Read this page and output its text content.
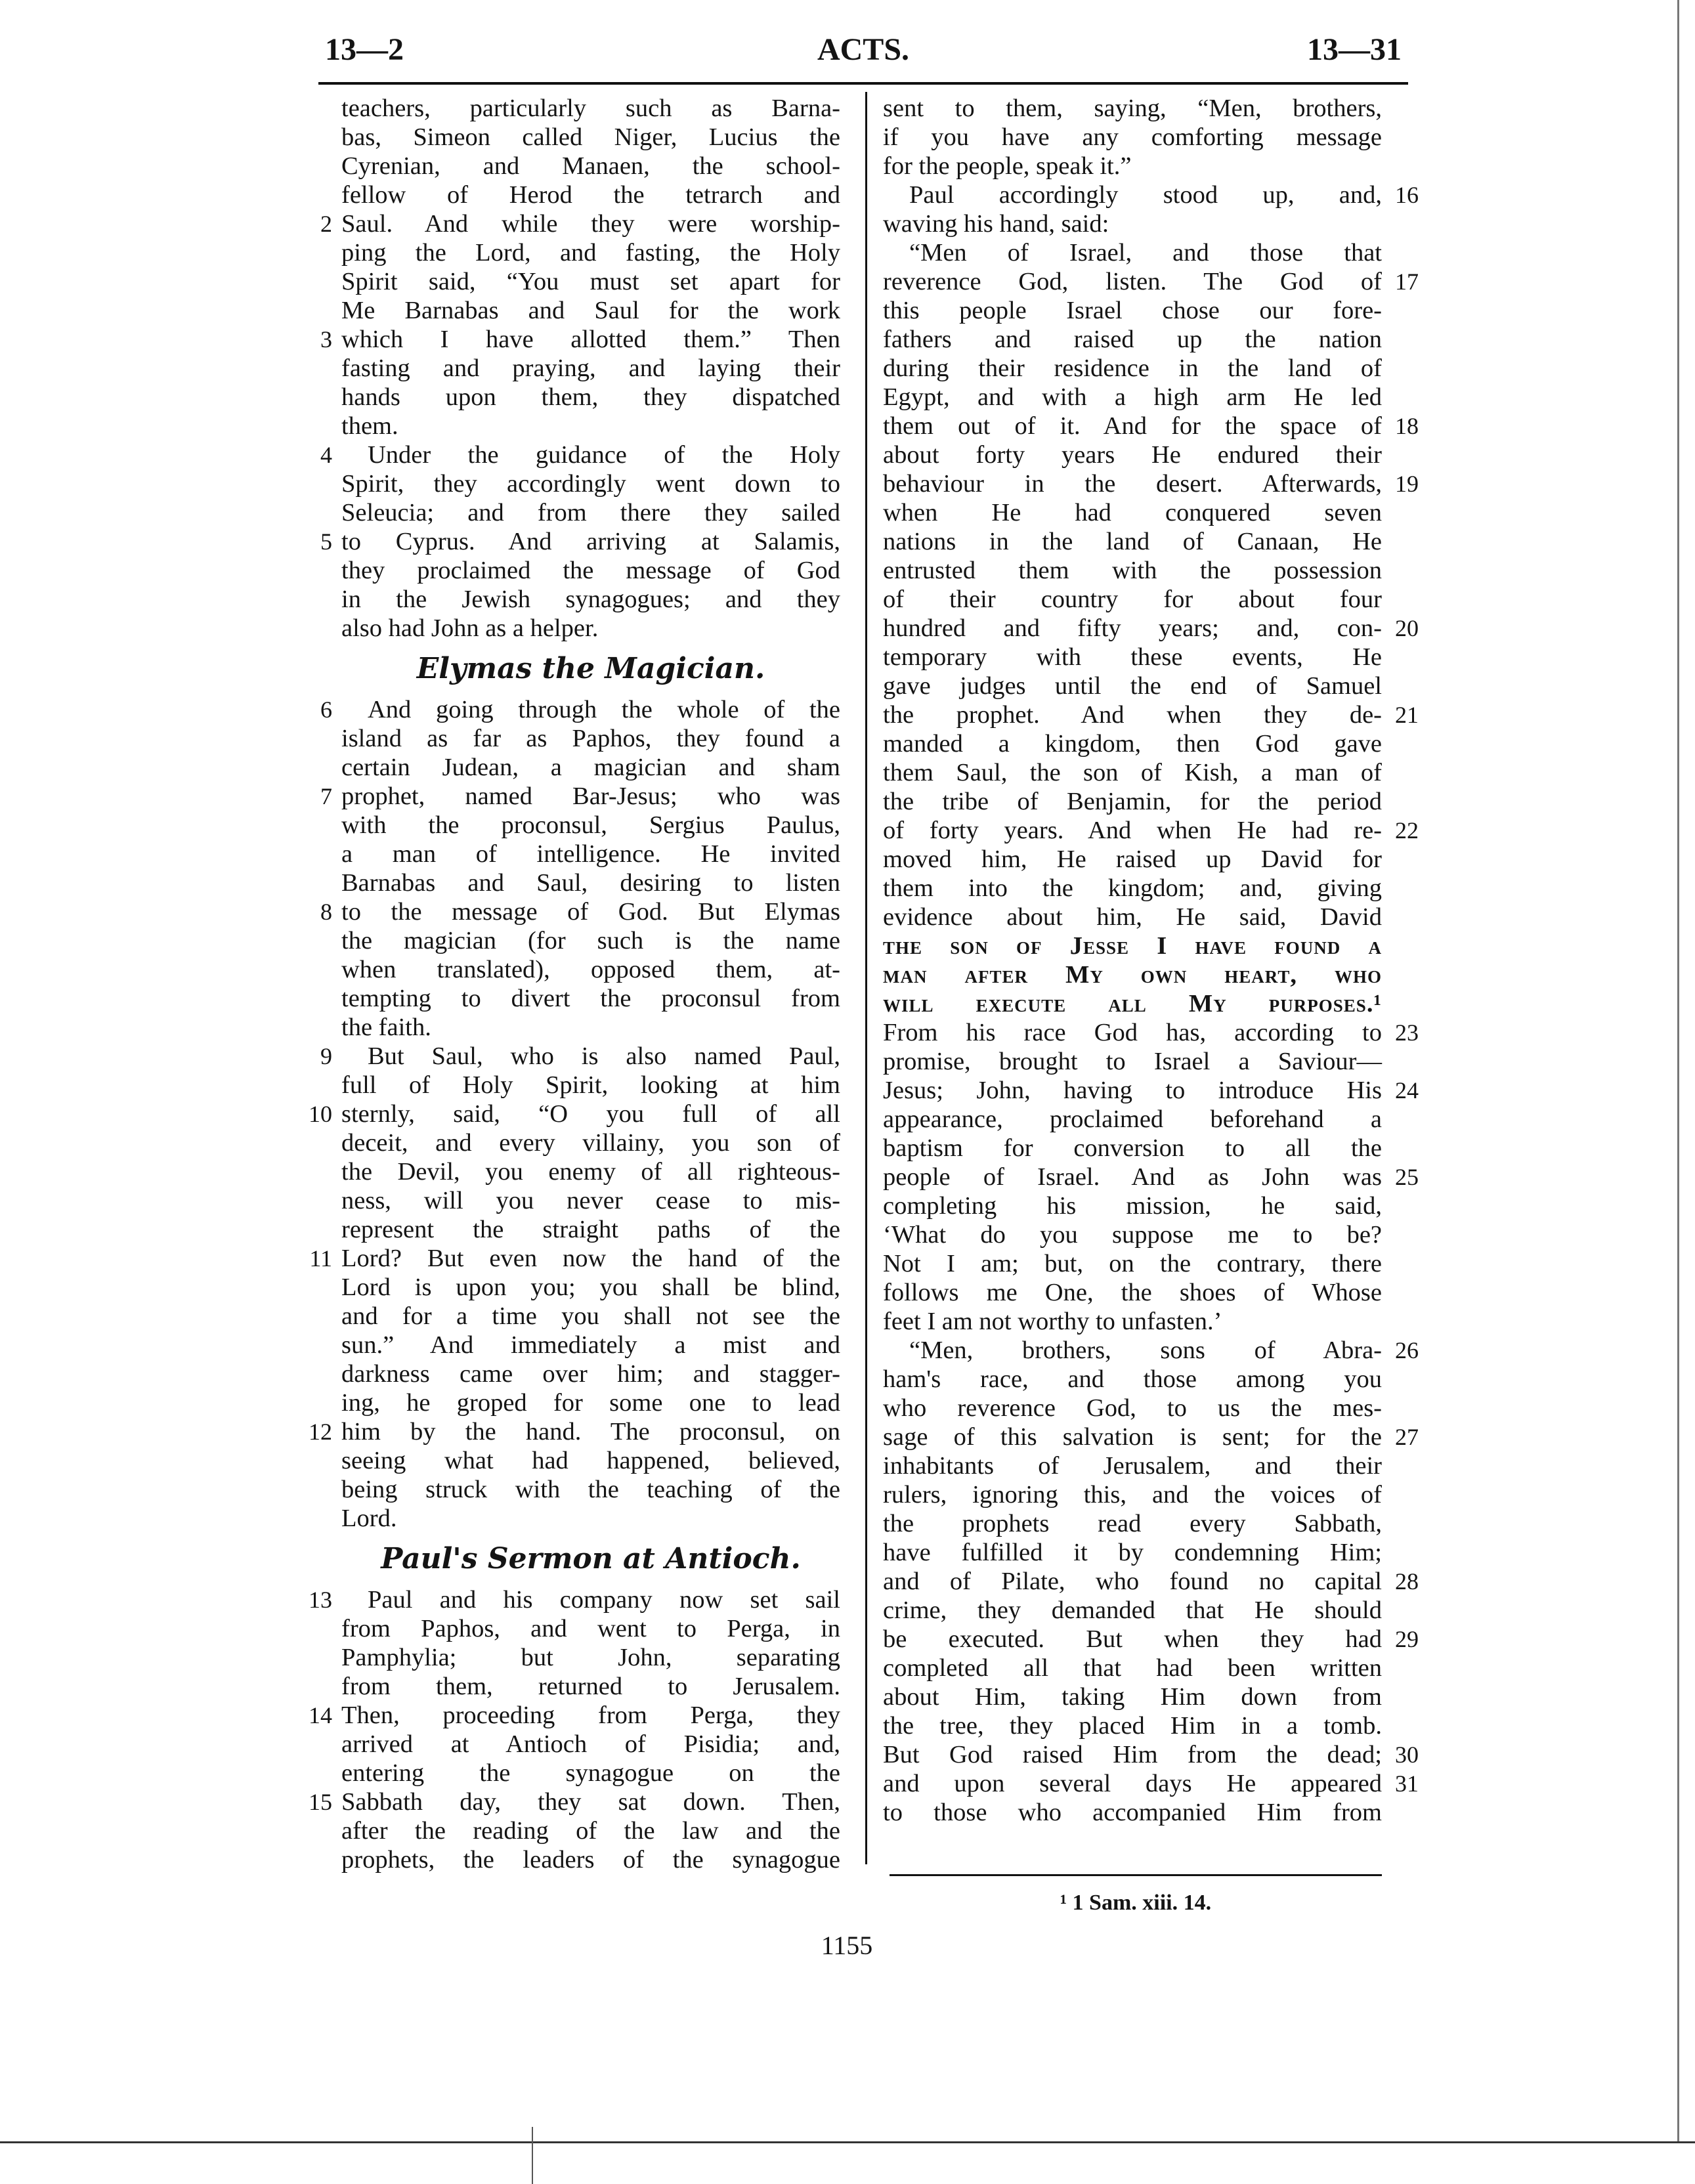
13—2	ACTS.	13—31
teachers, particularly such as Barna-
bas, Simeon called Niger, Lucius the
Cyrenian, and Manaen, the school-
fellow of Herod the tetrarch and
Saul. And while they were worship-
2
ping the Lord, and fasting, the Holy
Spirit said, “You must set apart for
Me Barnabas and Saul for the work
which I have allotted them.” Then
3
fasting and praying, and laying their
hands upon them, they dispatched
them.
Under the guidance of the Holy
4
Spirit, they accordingly went down to
Seleucia; and from there they sailed
to Cyprus. And arriving at Salamis,
5
they proclaimed the message of God
in the Jewish synagogues; and they
also had John as a helper.
Elymas the Magician.
And going through the whole of the
6
island as far as Paphos, they found a
certain Judean, a magician and sham
prophet, named Bar-Jesus; who was
7
with the proconsul, Sergius Paulus,
a man of intelligence. He invited
Barnabas and Saul, desiring to listen
to the message of God. But Elymas
8
the magician (for such is the name
when translated), opposed them, at-
tempting to divert the proconsul from
the faith.
But Saul, who is also named Paul,
9
full of Holy Spirit, looking at him
sternly, said, “O you full of all
10
deceit, and every villainy, you son of
the Devil, you enemy of all righteous-
ness, will you never cease to mis-
represent the straight paths of the
Lord? But even now the hand of the
11
Lord is upon you; you shall be blind,
and for a time you shall not see the
sun.” And immediately a mist and
darkness came over him; and stagger-
ing, he groped for some one to lead
him by the hand. The proconsul, on
12
seeing what had happened, believed,
being struck with the teaching of the
Lord.
Paul's Sermon at Antioch.
Paul and his company now set sail
13
from Paphos, and went to Perga, in
Pamphylia; but John, separating
from them, returned to Jerusalem.
Then, proceeding from Perga, they
14
arrived at Antioch of Pisidia; and,
entering the synagogue on the
Sabbath day, they sat down. Then,
15
after the reading of the law and the
prophets, the leaders of the synagogue
sent to them, saying, “Men, brothers,
if you have any comforting message
for the people, speak it.”
Paul accordingly stood up, and, 16
waving his hand, said:
“Men of Israel, and those that
reverence God, listen. The God of 17
this people Israel chose our fore-
fathers and raised up the nation
during their residence in the land of
Egypt, and with a high arm He led
them out of it. And for the space of 18
about forty years He endured their
behaviour in the desert. Afterwards, 19
when He had conquered seven
nations in the land of Canaan, He
entrusted them with the possession
of their country for about four
hundred and fifty years; and, con- 20
temporary with these events, He
gave judges until the end of Samuel
the prophet. And when they de- 21
manded a kingdom, then God gave
them Saul, the son of Kish, a man of
the tribe of Benjamin, for the period
of forty years. And when He had re- 22
moved him, He raised up David for
them into the kingdom; and, giving
evidence about him, He said, David
the son of Jesse I have found a
man after My own heart, who
will execute all My purposes.¹
From his race God has, according to 23
promise, brought to Israel a Saviour—
Jesus; John, having to introduce His 24
appearance, proclaimed beforehand a
baptism for conversion to all the
people of Israel. And as John was 25
completing his mission, he said,
‘What do you suppose me to be?
Not I am; but, on the contrary, there
follows me One, the shoes of Whose
feet I am not worthy to unfasten.’
“Men, brothers, sons of Abra- 26
ham's race, and those among you
who reverence God, to us the mes-
sage of this salvation is sent; for the 27
inhabitants of Jerusalem, and their
rulers, ignoring this, and the voices of
the prophets read every Sabbath,
have fulfilled it by condemning Him;
and of Pilate, who found no capital 28
crime, they demanded that He should
be executed. But when they had 29
completed all that had been written
about Him, taking Him down from
the tree, they placed Him in a tomb.
But God raised Him from the dead; 30
and upon several days He appeared 31
to those who accompanied Him from
¹ 1 Sam. xiii. 14.
1155
